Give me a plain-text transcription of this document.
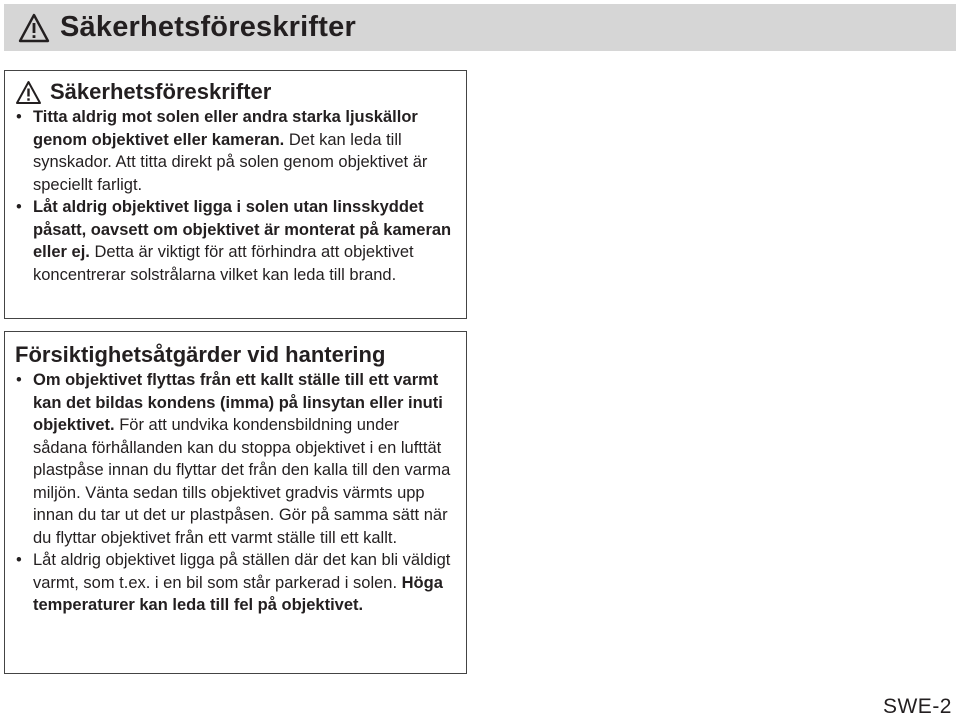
Säkerhetsföreskrifter
Säkerhetsföreskrifter
• Titta aldrig mot solen eller andra starka ljuskällor genom objektivet eller kameran. Det kan leda till synskador. Att titta direkt på solen genom objektivet är speciellt farligt.
• Låt aldrig objektivet ligga i solen utan linsskyddet påsatt, oavsett om objektivet är monterat på kameran eller ej. Detta är viktigt för att förhindra att objektivet koncentrerar solstrålarna vilket kan leda till brand.
Försiktighetsåtgärder vid hantering
• Om objektivet flyttas från ett kallt ställe till ett varmt kan det bildas kondens (imma) på linsytan eller inuti objektivet. För att undvika kondensbildning under sådana förhållanden kan du stoppa objektivet i en lufttät plastpåse innan du flyttar det från den kalla till den varma miljön. Vänta sedan tills objektivet gradvis värmts upp innan du tar ut det ur plastpåsen. Gör på samma sätt när du flyttar objektivet från ett varmt ställe till ett kallt.
• Låt aldrig objektivet ligga på ställen där det kan bli väldigt varmt, som t.ex. i en bil som står parkerad i solen. Höga temperaturer kan leda till fel på objektivet.
SWE-2
